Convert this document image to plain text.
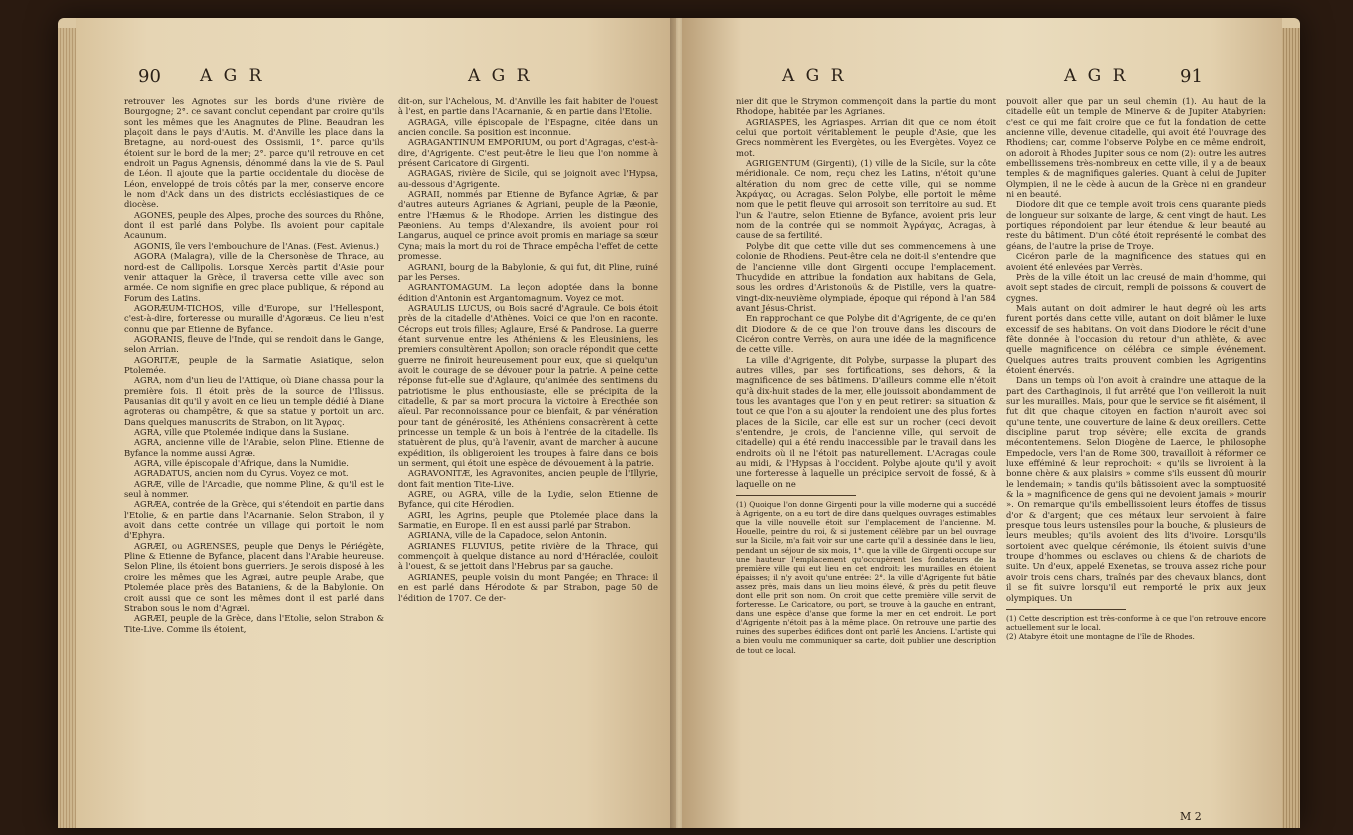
90 A G R	A G R

retrouver les Agnotes sur les bords d'une rivière de Bourgogne; 2°. ce savant conclut cependant par croire qu'ils sont les mêmes que les Anagnutes de Pline. Beaudran les plaçoit dans le pays d'Autis. M. d'Anville les place dans la Bretagne, au nord-ouest des Ossismii, 1°. parce qu'ils étoient sur le bord de la mer; 2°. parce qu'il retrouve en cet endroit un Pagus Agnensis, dénommé dans la vie de S. Paul de Léon. Il ajoute que la partie occidentale du diocèse de Léon, enveloppé de trois côtés par la mer, conserve encore le nom d'Ack dans un des districts ecclésiastiques de ce diocèse.

AGONES, peuple des Alpes, proche des sources du Rhône, dont il est parlé dans Polybe. Ils avoient pour capitale Acaunum.

AGONIS, île vers l'embouchure de l'Anas. (Fest. Avienus.)

AGORA (Malagra), ville de la Chersonèse de Thrace, au nord-est de Callipolis. Lorsque Xercès partit d'Asie pour venir attaquer la Grèce, il traversa cette ville avec son armée. Ce nom signifie en grec place publique, & répond au Forum des Latins.

AGORÆUM-TICHOS, ville d'Europe, sur l'Hellespont, c'est-à-dire, forteresse ou muraille d'Agoræus. Ce lieu n'est connu que par Etienne de Byfance.

AGORANIS, fleuve de l'Inde, qui se rendoit dans le Gange, selon Arrian.

AGORITÆ, peuple de la Sarmatie Asiatique, selon Ptolemée.

AGRA, nom d'un lieu de l'Attique, où Diane chassa pour la première fois. Il étoit près de la source de l'Ilissus. Pausanias dit qu'il y avoit en ce lieu un temple dédié à Diane agroteras ou champêtre, & que sa statue y portoit un arc. Dans quelques manuscrits de Strabon, on lit Ἄγρας.

AGRA, ville que Ptolemée indique dans la Susiane.

AGRA, ancienne ville de l'Arabie, selon Pline. Etienne de Byfance la nomme aussi Agræ.

AGRA, ville épiscopale d'Afrique, dans la Numidie.

AGRADATUS, ancien nom du Cyrus. Voyez ce mot.

AGRÆ, ville de l'Arcadie, que nomme Pline, & qu'il est le seul à nommer.

AGRÆA, contrée de la Grèce, qui s'étendoit en partie dans l'Etolie, & en partie dans l'Acarnanie. Selon Strabon, il y avoit dans cette contrée un village qui portoit le nom d'Ephyra.

AGRÆI, ou AGRENSES, peuple que Denys le Périégète, Pline & Etienne de Byfance, placent dans l'Arabie heureuse. Selon Pline, ils étoient bons guerriers. Je serois disposé à les croire les mêmes que les Agræi, autre peuple Arabe, que Ptolemée place près des Bataniens, & de la Babylonie. On croit aussi que ce sont les mêmes dont il est parlé dans Strabon sous le nom d'Agræi.

AGRÆI, peuple de la Grèce, dans l'Etolie, selon Strabon & Tite-Live. Comme ils étoient,

dit-on, sur l'Achelous, M. d'Anville les fait habiter de l'ouest à l'est, en partie dans l'Acarnanie, & en partie dans l'Etolie.

AGRAGA, ville épiscopale de l'Espagne, citée dans un ancien concile. Sa position est inconnue.

AGRAGANTINUM EMPORIUM, ou port d'Agragas, c'est-à-dire, d'Agrigente. C'est peut-être le lieu que l'on nomme à présent Caricatore di Girgenti.

AGRAGAS, rivière de Sicile, qui se joignoit avec l'Hypsa, au-dessous d'Agrigente.

AGRAII, nommés par Etienne de Byfance Agriæ, & par d'autres auteurs Agrianes & Agriani, peuple de la Pæonie, entre l'Hæmus & le Rhodope. Arrien les distingue des Pæoniens. Au temps d'Alexandre, ils avoient pour roi Langarus, auquel ce prince avoit promis en mariage sa sœur Cyna; mais la mort du roi de Thrace empêcha l'effet de cette promesse.

AGRANI, bourg de la Babylonie, & qui fut, dit Pline, ruiné par les Perses.

AGRANTOMAGUM. La leçon adoptée dans la bonne édition d'Antonin est Argantomagnum. Voyez ce mot.

AGRAULIS LUCUS, ou Bois sacré d'Agraule. Ce bois étoit près de la citadelle d'Athènes. Voici ce que l'on en raconte. Cécrops eut trois filles; Aglaure, Ersé & Pandrose. La guerre étant survenue entre les Athéniens & les Eleusiniens, les premiers consultèrent Apollon; son oracle répondit que cette guerre ne finiroit heureusement pour eux, que si quelqu'un avoit le courage de se dévouer pour la patrie. A peine cette réponse fut-elle sue d'Aglaure, qu'animée des sentimens du patriotisme le plus enthousiaste, elle se précipita de la citadelle, & par sa mort procura la victoire à Erecthée son aïeul. Par reconnoissance pour ce bienfait, & par vénération pour tant de générosité, les Athéniens consacrèrent à cette princesse un temple & un bois à l'entrée de la citadelle. Ils statuèrent de plus, qu'à l'avenir, avant de marcher à aucune expédition, ils obligeroient les troupes à faire dans ce bois un serment, qui étoit une espèce de dévouement à la patrie.

AGRAVONITÆ, les Agravonites, ancien peuple de l'Illyrie, dont fait mention Tite-Live.

AGRE, ou AGRA, ville de la Lydie, selon Etienne de Byfance, qui cite Hérodien.

AGRI, les Agrins, peuple que Ptolemée place dans la Sarmatie, en Europe. Il en est aussi parlé par Strabon.

AGRIANA, ville de la Capadoce, selon Antonin.

AGRIANES FLUVIUS, petite rivière de la Thrace, qui commençoit à quelque distance au nord d'Héraclée, couloit à l'ouest, & se jettoit dans l'Hebrus par sa gauche.

AGRIANES, peuple voisin du mont Pangée; en Thrace: il en est parlé dans Hérodote & par Strabon, page 50 de l'édition de 1707. Ce der-

A G R	A G R	91

nier dit que le Strymon commençoit dans la partie du mont Rhodope, habitée par les Agrianes.

AGRIASPES, les Agriaspes. Arrian dit que ce nom étoit celui que portoit véritablement le peuple d'Asie, que les Grecs nommèrent les Evergètes, ou les Evergètes. Voyez ce mot.

AGRIGENTUM (Girgenti), (1) ville de la Sicile, sur la côte méridionale. Ce nom, reçu chez les Latins, n'étoit qu'une altération du nom grec de cette ville, qui se nomme Ἀκράγας, ou Acragas. Selon Polybe, elle portoit le même nom que le petit fleuve qui arrosoit son territoire au sud. Et l'un & l'autre, selon Etienne de Byfance, avoient pris leur nom de la contrée qui se nommoit Ἀγράγας, Acragas, à cause de sa fertilité.

Polybe dit que cette ville dut ses commencemens à une colonie de Rhodiens. Peut-être cela ne doit-il s'entendre que de l'ancienne ville dont Girgenti occupe l'emplacement. Thucydide en attribue la fondation aux habitans de Gela, sous les ordres d'Aristonoüs & de Pistille, vers la quatre-vingt-dix-neuvième olympiade, époque qui répond à l'an 584 avant Jésus-Christ.

En rapprochant ce que Polybe dit d'Agrigente, de ce qu'en dit Diodore & de ce que l'on trouve dans les discours de Cicéron contre Verrès, on aura une idée de la magnificence de cette ville.

La ville d'Agrigente, dit Polybe, surpasse la plupart des autres villes, par ses fortifications, ses dehors, & la magnificence de ses bâtimens. D'ailleurs comme elle n'étoit qu'à dix-huit stades de la mer, elle jouissoit abondamment de tous les avantages que l'on y en peut retirer: sa situation & tout ce que l'on a su ajouter la rendoient une des plus fortes places de la Sicile, car elle est sur un rocher (ceci devoit s'entendre, je crois, de l'ancienne ville, qui servoit de citadelle) qui a été rendu inaccessible par le travail dans les endroits où il ne l'étoit pas naturellement. L'Acragas coule au midi, & l'Hypsas à l'occident. Polybe ajoute qu'il y avoit une forteresse à laquelle un précipice servoit de fossé, & à laquelle on ne

(1) Quoique l'on donne Girgenti pour la ville moderne qui a succédé à Agrigente, on a eu tort de dire dans quelques ouvrages estimables que la ville nouvelle étoit sur l'emplacement de l'ancienne. M. Houelle, peintre du roi, & si justement célèbre par un bel ouvrage sur la Sicile, m'a fait voir sur une carte qu'il a dessinée dans le lieu, pendant un séjour de six mois, 1°. que la ville de Girgenti occupe sur une hauteur l'emplacement qu'occupèrent les fondateurs de la première ville qui eut lieu en cet endroit: les murailles en étoient épaisses; il n'y avoit qu'une entrée: 2°. la ville d'Agrigente fut bâtie assez près, mais dans un lieu moins élevé, & près du petit fleuve dont elle prit son nom. On croit que cette première ville servit de forteresse. Le Caricatore, ou port, se trouve à la gauche en entrant, dans une espèce d'anse que forme la mer en cet endroit. Le port d'Agrigente n'étoit pas à la même place. On retrouve une partie des ruines des superbes édifices dont ont parlé les Anciens. L'artiste qui a bien voulu me communiquer sa carte, doit publier une description de tout ce local.

pouvoit aller que par un seul chemin (1). Au haut de la citadelle eût un temple de Minerve & de Jupiter Atabyrien: c'est ce qui me fait croire que ce fut la fondation de cette ancienne ville, devenue citadelle, qui avoit été l'ouvrage des Rhodiens; car, comme l'observe Polybe en ce même endroit, on adoroit à Rhodes Jupiter sous ce nom (2): outre les autres embellissemens très-nombreux en cette ville, il y a de beaux temples & de magnifiques galeries. Quant à celui de Jupiter Olympien, il ne le cède à aucun de la Grèce ni en grandeur ni en beauté.

Diodore dit que ce temple avoit trois cens quarante pieds de longueur sur soixante de large, & cent vingt de haut. Les portiques répondoient par leur étendue & leur beauté au reste du bâtiment. D'un côté étoit représenté le combat des géans, de l'autre la prise de Troye.

Cicéron parle de la magnificence des statues qui en avoient été enlevées par Verrès.

Près de la ville étoit un lac creusé de main d'homme, qui avoit sept stades de circuit, rempli de poissons & couvert de cygnes.

Mais autant on doit admirer le haut degré où les arts furent portés dans cette ville, autant on doit blâmer le luxe excessif de ses habitans. On voit dans Diodore le récit d'une fête donnée à l'occasion du retour d'un athlète, & avec quelle magnificence on célébra ce simple événement. Quelques autres traits prouvent combien les Agrigentins étoient énervés.

Dans un temps où l'on avoit à craindre une attaque de la part des Carthaginois, il fut arrêté que l'on veilleroit la nuit sur les murailles. Mais, pour que le service se fit aisément, il fut dit que chaque citoyen en faction n'auroit avec soi qu'une tente, une couverture de laine & deux oreillers. Cette discipline parut trop sévère; elle excita de grands mécontentemens. Selon Diogène de Laerce, le philosophe Empedocle, vers l'an de Rome 300, travailloit à réformer ce luxe efféminé & leur reprochoit: « qu'ils se livroient à la bonne chère & aux plaisirs » comme s'ils eussent dû mourir le lendemain; » tandis qu'ils bâtissoient avec la somptuosité & la » magnificence de gens qui ne devoient jamais » mourir ». On remarque qu'ils embellissoient leurs étoffes de tissus d'or & d'argent; que ces métaux leur servoient à faire presque tous leurs ustensiles pour la bouche, & plusieurs de leurs meubles; qu'ils avoient des lits d'ivoire. Lorsqu'ils sortoient avec quelque cérémonie, ils étoient suivis d'une troupe d'hommes ou esclaves ou chiens & de chariots de suite. Un d'eux, appelé Exenetas, se trouva assez riche pour avoir trois cens chars, traînés par des chevaux blancs, dont il se fit suivre lorsqu'il eut remporté le prix aux jeux olympiques. Un

(1) Cette description est très-conforme à ce que l'on retrouve encore actuellement sur le local.

(2) Atabyre étoit une montagne de l'île de Rhodes.

M 2
